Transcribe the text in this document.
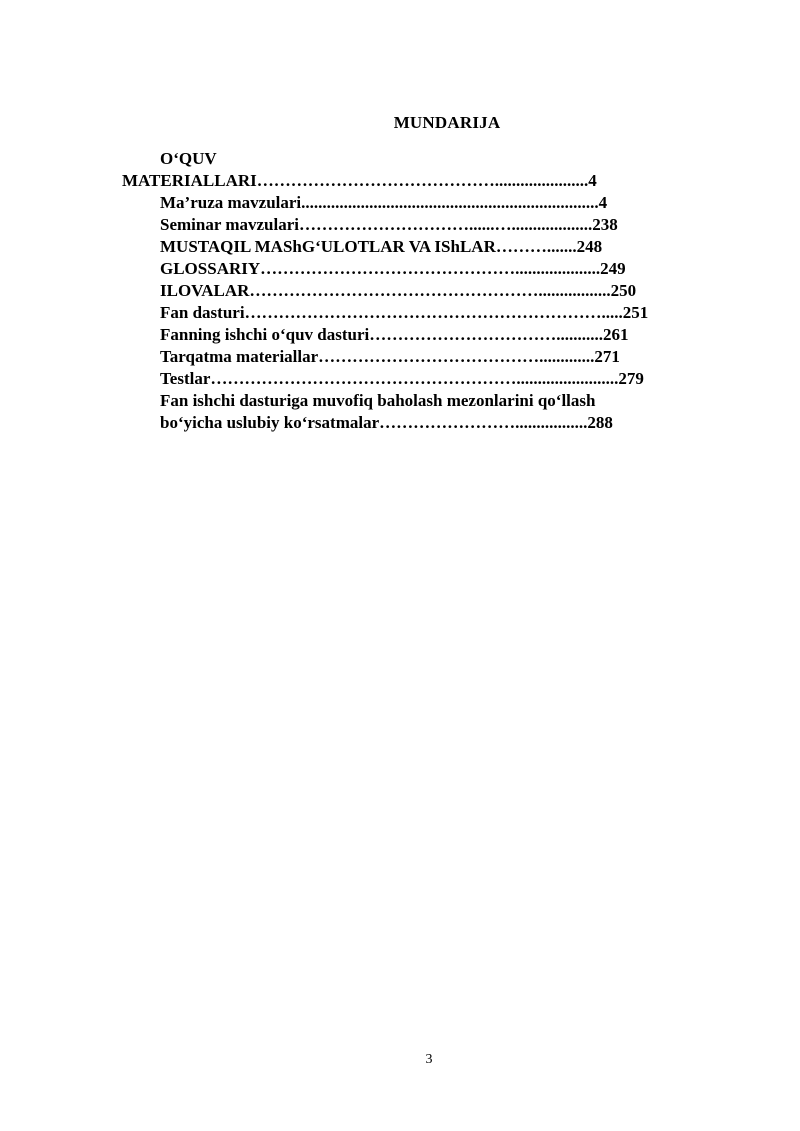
MUNDARIJA
O‘QUV
MATERIALLARI……………………………………......................4
Ma’ruza mavzulari......................................................................4
Seminar mavzulari…………………………......…...................238
MUSTAQIL MAShG‘ULOTLAR VA IShLAR……….......248
GLOSSARIY………………………………………....................249
ILOVALAR…………………………………………….................250
Fan dasturi……………………………………………………….....251
Fanning ishchi o‘quv dasturi……………………………...........261
Tarqatma materiallar………………………………….............271
Testlar………………………………………………........................279
Fan ishchi dasturiga muvofiq baholash mezonlarini qo‘llash
bo‘yicha uslubiy ko‘rsatmalar…………………….................288
3
